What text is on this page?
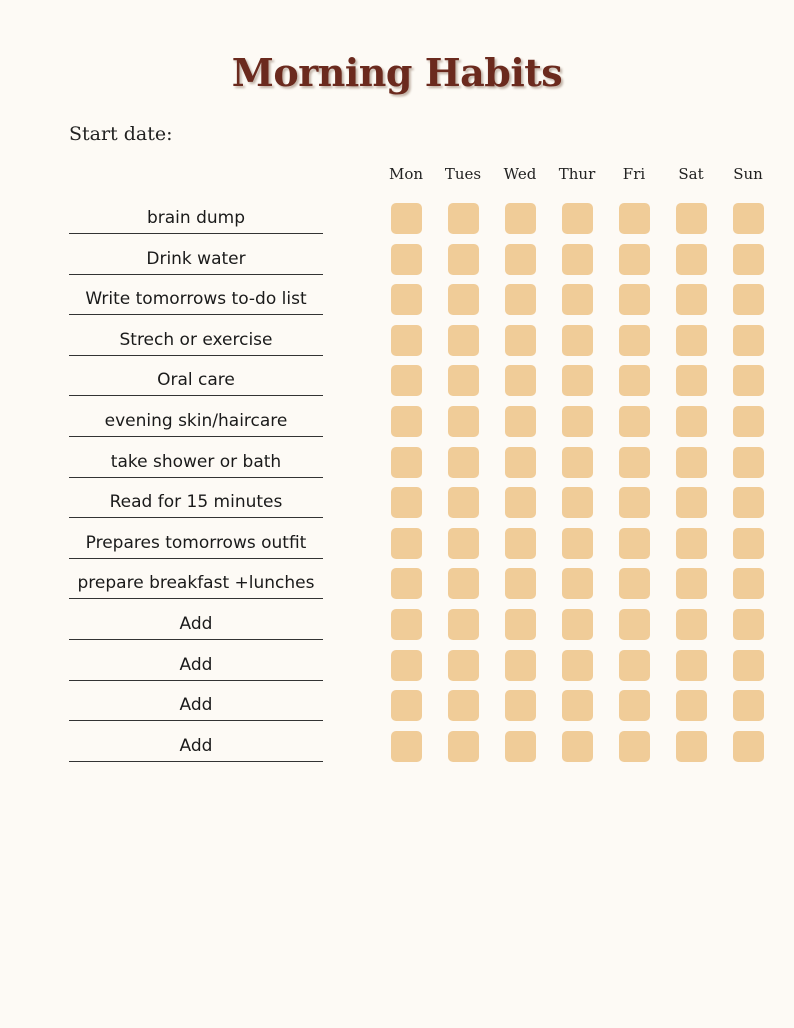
Morning Habits
Start date:
Mon	Tues	Wed	Thur	Fri	Sat	Sun
brain dump
Drink water
Write tomorrows to-do list
Strech or exercise
Oral care
evening skin/haircare
take shower or bath
Read for 15 minutes
Prepares tomorrows outfit
prepare breakfast +lunches
Add
Add
Add
Add
